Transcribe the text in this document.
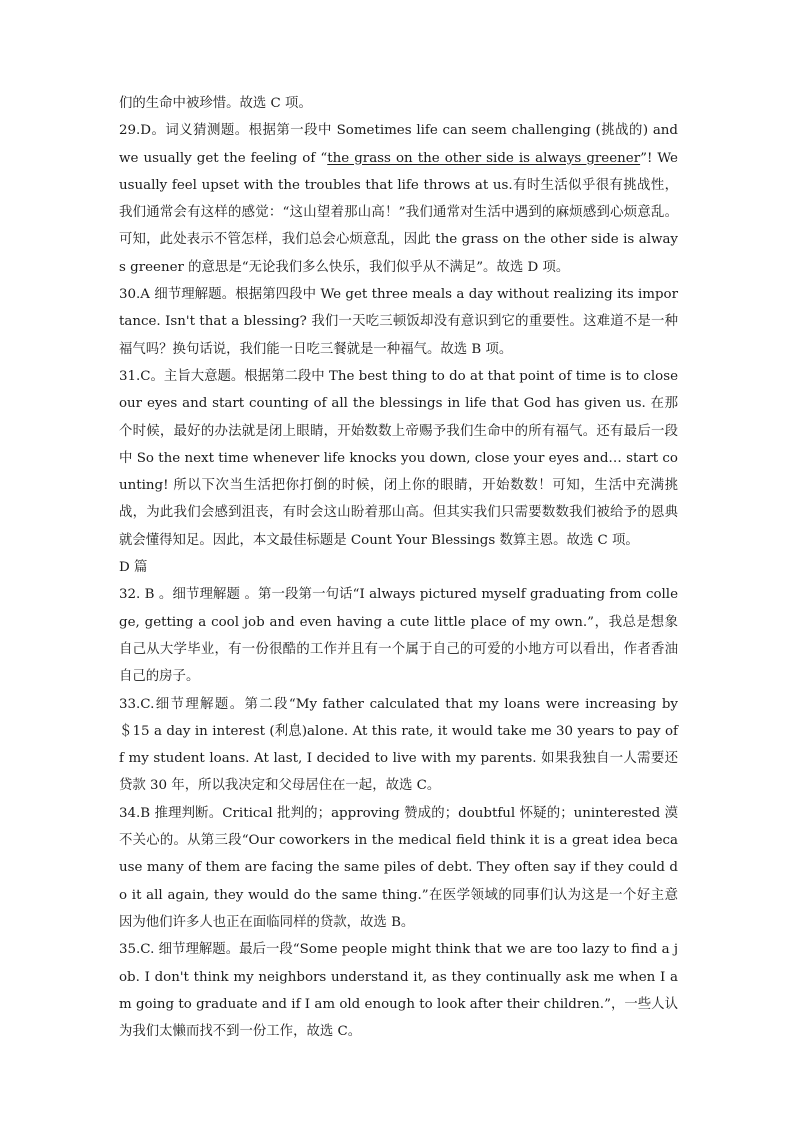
们的生命中被珍惜。故选 C 项。

29.D。词义猜测题。根据第一段中 Sometimes life can seem challenging (挑战的) and we usually get the feeling of “the grass on the other side is always greener”! We usually feel upset with the troubles that life throws at us.有时生活似乎很有挑战性，我们通常会有这样的感觉：“这山望着那山高！”我们通常对生活中遇到的麻烦感到心烦意乱。可知，此处表示不管怎样，我们总会心烦意乱，因此 the grass on the other side is always greener 的意思是“无论我们多么快乐，我们似乎从不满足”。故选 D 项。

30.A 细节理解题。根据第四段中 We get three meals a day without realizing its importance. Isn't that a blessing? 我们一天吃三顿饭却没有意识到它的重要性。这难道不是一种福气吗？换句话说，我们能一日吃三餐就是一种福气。故选 B 项。

31.C。主旨大意题。根据第二段中 The best thing to do at that point of time is to close our eyes and start counting of all the blessings in life that God has given us. 在那个时候，最好的办法就是闭上眼睛，开始数数上帝赐予我们生命中的所有福气。还有最后一段中 So the next time whenever life knocks you down, close your eyes and… start counting! 所以下次当生活把你打倒的时候，闭上你的眼睛，开始数数！可知，生活中充满挑战，为此我们会感到沮丧，有时会这山盼着那山高。但其实我们只需要数数我们被给予的恩典就会懂得知足。因此，本文最佳标题是 Count Your Blessings 数算主恩。故选 C 项。

D 篇

32. B 。细节理解题 。第一段第一句话“I always pictured myself graduating from college, getting a cool job and even having a cute little place of my own.”，我总是想象自己从大学毕业，有一份很酷的工作并且有一个属于自己的可爱的小地方可以看出，作者香油自己的房子。

33.C.细节理解题。第二段“My father calculated that my loans were increasing by ＄15 a day in interest (利息)alone. At this rate, it would take me 30 years to pay off my student loans. At last, I decided to live with my parents. 如果我独自一人需要还贷款 30 年，所以我决定和父母居住在一起，故选 C。

34.B 推理判断。Critical 批判的；approving 赞成的；doubtful 怀疑的；uninterested 漠不关心的。从第三段“Our coworkers in the medical field think it is a great idea because many of them are facing the same piles of debt. They often say if they could do it all again, they would do the same thing.”在医学领域的同事们认为这是一个好主意因为他们许多人也正在面临同样的贷款，故选 B。

35.C. 细节理解题。最后一段“Some people might think that we are too lazy to find a job. I don't think my neighbors understand it, as they continually ask me when I am going to graduate and if I am old enough to look after their children.”，一些人认为我们太懒而找不到一份工作，故选 C。
